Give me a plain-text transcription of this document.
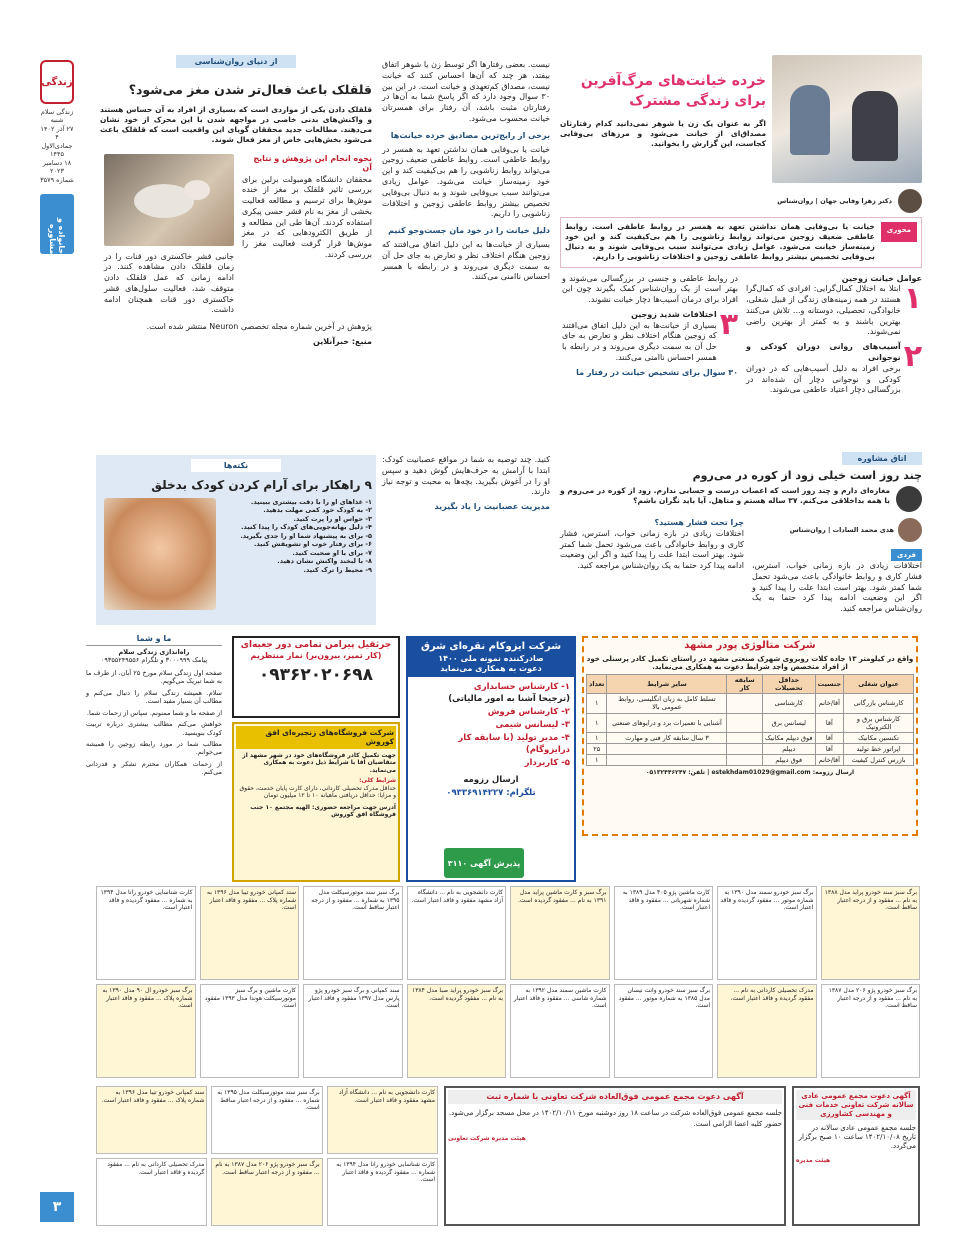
زندگی
زندگی سلام
شنبه
۲۷ آذر ۱۴۰۲
۴ جمادی‌الاول ۱۴۴۵
۱۸ دسامبر ۲۰۲۳
شماره ۳۵۷۹
خانواده و مشاوره
از دنیای روان‌شناسی
قلقلک باعث فعال‌تر شدن مغز می‌شود؟
قلقلک دادن یکی از مواردی است که بسیاری از افراد به آن حساس هستند و واکنش‌های بدنی خاصی در مواجهه شدن با این محرک از خود نشان می‌دهند. مطالعات جدید محققان گویای این واقعیت است که قلقلک باعث می‌شود بخش‌هایی خاص از مغز فعال شوند.
نحوه انجام این پژوهش و نتایج آن
محققان دانشگاه هومبولت برلین برای بررسی تاثیر قلقلک بر مغز از خنده موش‌ها برای ترسیم و مطالعه فعالیت بخشی از مغز به نام قشر حسی پیکری استفاده کردند. آن‌ها طی این مطالعه و از طریق الکترودهایی که در مغز موش‌ها قرار گرفت فعالیت مغز را بررسی کردند.
جانبی قشر خاکستری دور قنات را در زمان قلقلک دادن مشاهده کنند. در ادامه زمانی که عمل قلقلک دادن متوقف شد، فعالیت سلول‌های قشر خاکستری دور قنات همچنان ادامه داشت.
پژوهش در آخرین شماره مجله تخصصی Neuron منتشر شده است.
منبع: خبرآنلاین
نیست. بعضی رفتارها اگر توسط زن یا شوهر اتفاق بیفتد، هر چند که آن‌ها احساس کنند که خیانت نیست، مصداق کم‌تعهدی و خیانت است. در این بین ۳۰ سوال وجود دارد که اگر پاسخ شما به آن‌ها در رفتارتان مثبت باشد، آن رفتار برای همسرتان خیانت محسوب می‌شود.
برخی از رایج‌ترین مصادیق خرده خیانت‌ها
خیانت یا بی‌وفایی همان نداشتن تعهد به همسر در روابط عاطفی است. روابط عاطفی ضعیف زوجین می‌تواند روابط زناشویی را هم بی‌کیفیت کند و این خود زمینه‌ساز خیانت می‌شود. عوامل زیادی می‌توانند سبب بی‌وفایی شوند و به دنبال بی‌وفایی تخصیص بیشتر روابط عاطفی زوجین و اختلافات زناشویی را داریم.
دلیل خیانت را در خود مان جست‌وجو کنیم
بسیاری از خیانت‌ها به این دلیل اتفاق می‌افتند که زوجین هنگام اختلاف نظر و تعارض به جای حل آن به سمت دیگری می‌روند و در رابطه با همسر احساس ناامنی می‌کنند.
خرده خیانت‌های مرگ‌آفرین
برای زندگی مشترک
اگر به عنوان یک زن یا شوهر نمی‌دانید کدام رفتارتان مصداق‌ای از خیانت می‌شود و مرزهای بی‌وفایی کجاست، این گزارش را بخوانید.
دکتر زهرا وفایی جهان | روان‌شناس
محوری
خیانت یا بی‌وفایی همان نداشتن تعهد به همسر در روابط عاطفی است. روابط عاطفی ضعیف زوجین می‌تواند روابط زناشویی را هم بی‌کیفیت کند و این خود زمینه‌ساز خیانت می‌شود. عوامل زیادی می‌توانند سبب بی‌وفایی شوند و به دنبال بی‌وفایی تخصیص بیشتر روابط عاطفی زوجین و اختلافات زناشویی را داریم.
عوامل خیانت زوجین
۱
ابتلا به اختلال کمال‌گرایی: افرادی که کمال‌گرا هستند در همه زمینه‌های زندگی از قبیل شغلی، خانوادگی، تحصیلی، دوستانه و... تلاش می‌کنند بهترین باشند و به کمتر از بهترین راضی نمی‌شوند.
۲
آسیب‌های روانی دوران کودکی و نوجوانی
برخی افراد به دلیل آسیب‌هایی که در دوران کودکی و نوجوانی دچار آن شده‌اند در بزرگسالی دچار اعتیاد عاطفی می‌شوند.
در روابط عاطفی و جنسی در بزرگسالی می‌شوند و بهتر است از یک روان‌شناس کمک بگیرند چون این افراد برای درمان آسیب‌ها دچار خیانت نشوند.
۳
اختلافات شدید زوجین
بسیاری از خیانت‌ها به این دلیل اتفاق می‌افتند که زوجین هنگام اختلاف نظر و تعارض به جای حل آن به سمت دیگری می‌روند و در رابطه با همسر احساس ناامنی می‌کنند.
۳۰ سوال برای تشخیص خیانت در رفتار ما
نکته‌ها
۹ راهکار برای آرام کردن کودک بدخلق
۱- غذاهای او را با دقت بیشتری ببینید.
۲- به کودک خود کمی مهلت بدهید.
۳- حواس او را پرت کنید.
۴- دلیل بهانه‌جویی‌های کودک را پیدا کنید.
۵- برای به پیشنهاد شما او را جدی بگیرید.
۶- برای رفتار خوب او تشویقش کنید.
۷- برای با او صحبت کنید.
۸- با لبخند واکنش نشان دهید.
۹- محیط را ترک کنید.
کنید. چند توصیه به شما در مواقع عصبانیت کودک: ابتدا با آرامش به حرف‌هایش گوش دهید و سپس او را در آغوش بگیرید. بچه‌ها به محبت و توجه نیاز دارند.
مدیریت عصبانیت را یاد بگیرید
اتاق مشاوره
چند روز است خیلی زود از کوره در می‌روم
مغازه‌ای دارم و چند روز است که اعصاب درست و حسابی ندارم. زود از کوره در می‌روم و با همه بداخلاقی می‌کنم. ۳۷ ساله هستم و متاهل. آیا باید نگران باشم؟
هدی محمد السادات | روان‌شناس
فردی
اختلافات زیادی در بازه زمانی خواب، استرس، فشار کاری و روابط خانوادگی باعث می‌شود تحمل شما کمتر شود. بهتر است ابتدا علت را پیدا کنید و اگر این وضعیت ادامه پیدا کرد حتما به یک روان‌شناس مراجعه کنید.
چرا تحت فشار هستید؟
اختلافات زیادی در بازه زمانی خواب، استرس، فشار کاری و روابط خانوادگی باعث می‌شود تحمل شما کمتر شود. بهتر است ابتدا علت را پیدا کنید و اگر این وضعیت ادامه پیدا کرد حتما به یک روان‌شناس مراجعه کنید.
ما و شما
راه‌اندازی زندگی سلام
پیامک ۳۰۰۰۹۹۹ و تلگرام ۰۹۳۵۵۲۴۹۵۵۶

صفحه اول زندگی سلام مورخ ۲۵ آبان، از طرف ما به شما تبریک می‌گویم.

سلام. همیشه زندگی سلام را دنبال می‌کنم و مطالب آن بسیار مفید است.

از صفحه ما و شما ممنونم. سپاس از زحمات شما.

خواهش می‌کنم مطالب بیشتری درباره تربیت کودک بنویسید.

مطالب شما در مورد رابطه زوجین را همیشه می‌خوانم.

از زحمات همکاران محترم تشکر و قدردانی می‌کنم.

جرثقیل پیرامن تمامی دور جعبه‌ای
(کار تمیز، بیرون‌بر) نماز منتظریم
۰۹۳۶۲۰۲۰۶۹۸
شرکت فروشگاه‌های زنجیره‌ای افق کوروش
جهت تکمیل کادر فروشگاه‌های خود در شهر مشهد از متقاضیان آقا با شرایط ذیل دعوت به همکاری می‌نماید.
شرایط کلی:
حداقل مدرک تحصیلی کاردانی، دارای کارت پایان خدمت، حقوق و مزایا: حداقل دریافتی ماهیانه ۱۰ تا ۱۲ میلیون تومان
آدرس جهت مراجعه حضوری: الهیه مجتمع ۱۰ جنب فروشگاه افق کوروش
شرکت ایزوکام نقره‌ای شرق
صادرکننده نمونه ملی ۱۴۰۰
دعوت به همکاری می‌نماید
۱- کارشناس حسابداری
(ترجیحا آشنا به امور مالیاتی)
۲- کارشناس فروش
۳- لیسانس شیمی
۴- مدیر تولید (با سابقه کار درایزوگام)
۵- کاربردار
ارسال رزومه
تلگرام: ۰۹۳۳۶۹۱۴۲۲۷
شرکت متالوژی پودر مشهد
واقع در کیلومتر ۱۳ جاده کلات روبروی شهرک صنعتی مشهد در راستای تکمیل کادر پرسنلی خود از افراد متخصص واجد شرایط دعوت به همکاری می‌نماید.
عنوان شغلی	جنسیت	حداقل تحصیلات	سابقه کار	سایر شرایط	تعداد
کارشناس بازرگانی	آقا/خانم	کارشناسی		تسلط کامل به زبان انگلیسی، روابط عمومی بالا	۱
کارشناس برق و الکترونیک	آقا	لیسانس برق		آشنایی با تعمیرات برد و درایوهای صنعتی	۱
تکنسین مکانیک	آقا	فوق دیپلم مکانیک		۳ سال سابقه کار فنی و مهارت	۱
اپراتور خط تولید	آقا	دیپلم			۲۵
بازرس کنترل کیفیت	آقا/خانم	فوق دیپلم			۱
ارسال رزومه: estekhdam01029@gmail.com | تلفن: ۰۵۱۳۲۴۴۶۲۴۷
پذیرش آگهی ۳۱۱۰
برگ سبز سند خودرو پراید مدل ۱۳۸۸ به نام ... مفقود و از درجه اعتبار ساقط است.
برگ سبز خودرو سمند مدل ۱۳۹۰ به شماره موتور ... مفقود گردیده و فاقد اعتبار است.
کارت ماشین پژو ۴۰۵ مدل ۱۳۸۹ به شماره شهربانی ... مفقود و فاقد اعتبار است.
برگ سبز و کارت ماشین پراید مدل ۱۳۹۱ به نام ... مفقود گردیده است.
کارت دانشجویی به نام ... دانشگاه آزاد مشهد مفقود و فاقد اعتبار است.
برگ سبز سند موتورسیکلت مدل ۱۳۹۵ به شماره ... مفقود و از درجه اعتبار ساقط است.
سند کمپانی خودرو تیبا مدل ۱۳۹۶ به شماره پلاک ... مفقود و فاقد اعتبار است.
کارت شناسایی خودرو رانا مدل ۱۳۹۴ به شماره ... مفقود گردیده و فاقد اعتبار است.
برگ سبز خودرو پژو ۲۰۶ مدل ۱۳۸۷ به نام ... مفقود و از درجه اعتبار ساقط است.
مدرک تحصیلی کاردانی به نام ... مفقود گردیده و فاقد اعتبار است.
برگ سبز سند خودرو وانت نیسان مدل ۱۳۸۵ به شماره موتور ... مفقود است.
کارت ماشین سمند مدل ۱۳۹۲ به شماره شاسی ... مفقود و فاقد اعتبار است.
برگ سبز خودرو پراید صبا مدل ۱۳۸۴ به نام ... مفقود گردیده است.
سند کمپانی و برگ سبز خودرو پژو پارس مدل ۱۳۹۷ مفقود و فاقد اعتبار است.
کارت ماشین و برگ سبز موتورسیکلت هوندا مدل ۱۳۹۳ مفقود است.
برگ سبز خودرو ال ۹۰ مدل ۱۳۹۰ به شماره پلاک ... مفقود و فاقد اعتبار است.
آگهی دعوت مجمع عمومی فوق‌العاده شرکت تعاونی با شماره ثبت
جلسه مجمع عمومی فوق‌العاده شرکت در ساعت ۱۸ روز دوشنبه مورخ ۱۴۰۲/۱۰/۱۱ در محل مسجد برگزار می‌شود. حضور کلیه اعضا الزامی است.
هیئت مدیره شرکت تعاونی
آگهی دعوت مجمع عمومی عادی سالانه شرکت تعاونی خدمات فنی و مهندسی کشاورزی
جلسه مجمع عمومی عادی سالانه در تاریخ ۱۴۰۲/۱۰/۰۸ ساعت ۱۰ صبح برگزار می‌گردد.
هیئت مدیره
۳
کارت دانشجویی به نام ... دانشگاه آزاد مشهد مفقود و فاقد اعتبار است.
برگ سبز سند موتورسیکلت مدل ۱۳۹۵ به شماره ... مفقود و از درجه اعتبار ساقط است.
سند کمپانی خودرو تیبا مدل ۱۳۹۶ به شماره پلاک ... مفقود و فاقد اعتبار است.
کارت شناسایی خودرو رانا مدل ۱۳۹۴ به شماره ... مفقود گردیده و فاقد اعتبار است.
برگ سبز خودرو پژو ۲۰۶ مدل ۱۳۸۷ به نام ... مفقود و از درجه اعتبار ساقط است.
مدرک تحصیلی کاردانی به نام ... مفقود گردیده و فاقد اعتبار است.
